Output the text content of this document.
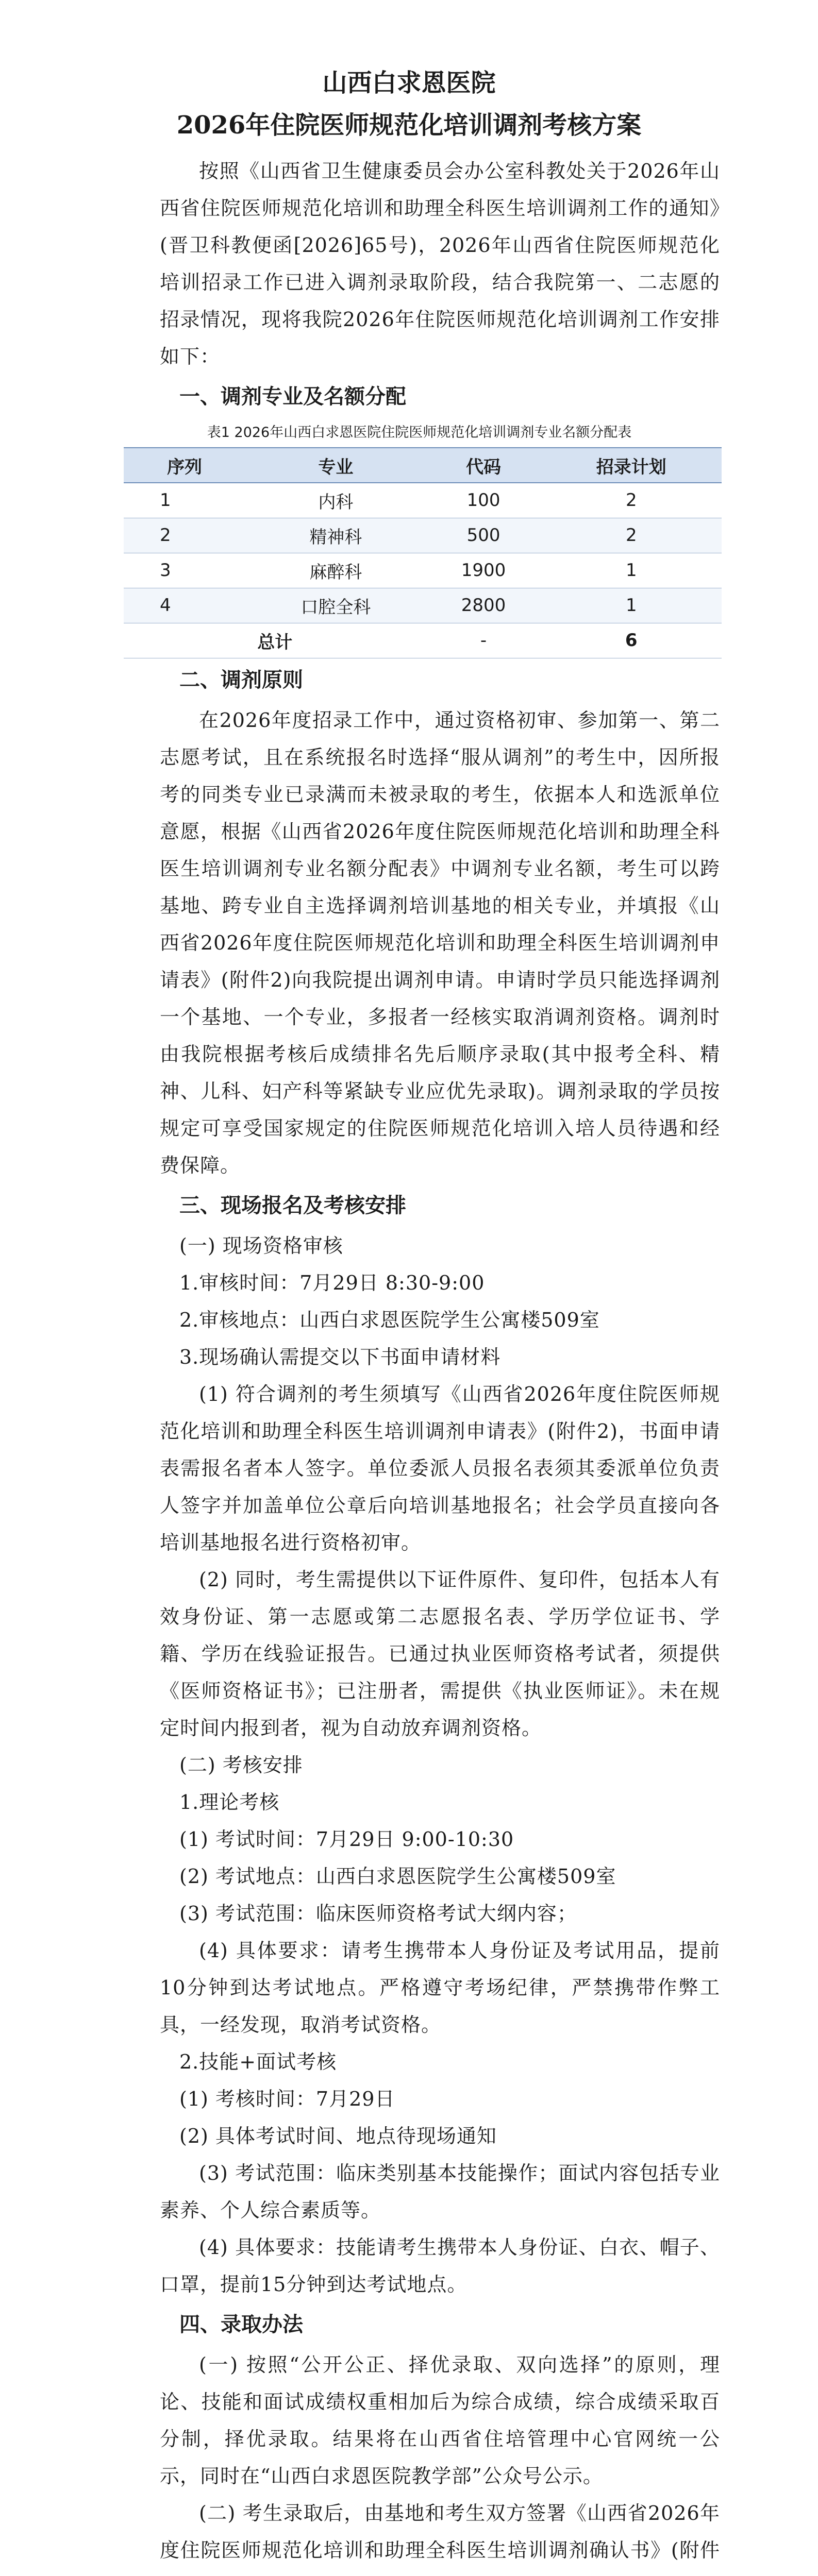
山西白求恩医院
2026年住院医师规范化培训调剂考核方案

按照《山西省卫生健康委员会办公室科教处关于2026年山西省住院医师规范化培训和助理全科医生培训调剂工作的通知》(晋卫科教便函[2026]65号)，2026年山西省住院医师规范化培训招录工作已进入调剂录取阶段，结合我院第一、二志愿的招录情况，现将我院2026年住院医师规范化培训调剂工作安排如下：

一、调剂专业及名额分配
表1 2026年山西白求恩医院住院医师规范化培训调剂专业名额分配表
序列	专业	代码	招录计划
1	内科	100	2
2	精神科	500	2
3	麻醉科	1900	1
4	口腔全科	2800	1
总计		-	6
二、调剂原则

在2026年度招录工作中，通过资格初审、参加第一、第二志愿考试，且在系统报名时选择“服从调剂”的考生中，因所报考的同类专业已录满而未被录取的考生，依据本人和选派单位意愿，根据《山西省2026年度住院医师规范化培训和助理全科医生培训调剂专业名额分配表》中调剂专业名额，考生可以跨基地、跨专业自主选择调剂培训基地的相关专业，并填报《山西省2026年度住院医师规范化培训和助理全科医生培训调剂申请表》(附件2)向我院提出调剂申请。申请时学员只能选择调剂一个基地、一个专业，多报者一经核实取消调剂资格。调剂时由我院根据考核后成绩排名先后顺序录取(其中报考全科、精神、儿科、妇产科等紧缺专业应优先录取)。调剂录取的学员按规定可享受国家规定的住院医师规范化培训入培人员待遇和经费保障。

三、现场报名及考核安排

(一) 现场资格审核

1.审核时间：7月29日 8:30-9:00

2.审核地点：山西白求恩医院学生公寓楼509室

3.现场确认需提交以下书面申请材料

(1) 符合调剂的考生须填写《山西省2026年度住院医师规范化培训和助理全科医生培训调剂申请表》(附件2)，书面申请表需报名者本人签字。单位委派人员报名表须其委派单位负责人签字并加盖单位公章后向培训基地报名；社会学员直接向各培训基地报名进行资格初审。

(2) 同时，考生需提供以下证件原件、复印件，包括本人有效身份证、第一志愿或第二志愿报名表、学历学位证书、学籍、学历在线验证报告。已通过执业医师资格考试者，须提供《医师资格证书》；已注册者，需提供《执业医师证》。未在规定时间内报到者，视为自动放弃调剂资格。

(二) 考核安排

1.理论考核

(1) 考试时间：7月29日 9:00-10:30

(2) 考试地点：山西白求恩医院学生公寓楼509室

(3) 考试范围：临床医师资格考试大纲内容；

(4) 具体要求：请考生携带本人身份证及考试用品，提前10分钟到达考试地点。严格遵守考场纪律，严禁携带作弊工具，一经发现，取消考试资格。

2.技能+面试考核

(1) 考核时间：7月29日

(2) 具体考试时间、地点待现场通知

(3) 考试范围：临床类别基本技能操作；面试内容包括专业素养、个人综合素质等。

(4) 具体要求：技能请考生携带本人身份证、白衣、帽子、口罩，提前15分钟到达考试地点。

四、录取办法

(一) 按照“公开公正、择优录取、双向选择”的原则，理论、技能和面试成绩权重相加后为综合成绩，综合成绩采取百分制，择优录取。结果将在山西省住培管理中心官网统一公示，同时在“山西白求恩医院教学部”公众号公示。

(二) 考生录取后，由基地和考生双方签署《山西省2026年度住院医师规范化培训和助理全科医生培训调剂确认书》(附件
